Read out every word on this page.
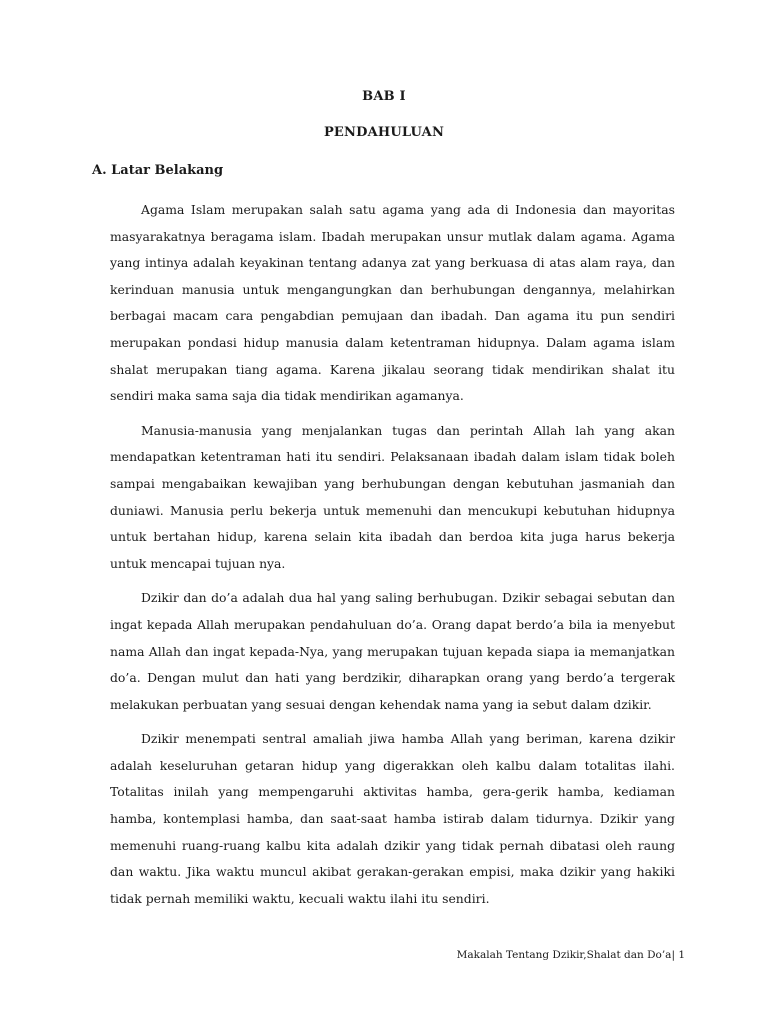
BAB I
PENDAHULUAN
A. Latar Belakang

Agama Islam merupakan salah satu agama yang ada di Indonesia dan mayoritas masyarakatnya beragama islam. Ibadah merupakan unsur mutlak dalam agama. Agama yang intinya adalah keyakinan tentang adanya zat yang berkuasa di atas alam raya, dan kerinduan manusia untuk mengangungkan dan berhubungan dengannya, melahirkan berbagai macam cara pengabdian pemujaan dan ibadah. Dan agama itu pun sendiri merupakan pondasi hidup manusia dalam ketentraman hidupnya. Dalam agama islam shalat merupakan tiang agama. Karena jikalau seorang tidak mendirikan shalat itu sendiri maka sama saja dia tidak mendirikan agamanya.

Manusia-manusia yang menjalankan tugas dan perintah Allah lah yang akan mendapatkan ketentraman hati itu sendiri. Pelaksanaan ibadah dalam islam tidak boleh sampai mengabaikan kewajiban yang berhubungan dengan kebutuhan jasmaniah dan duniawi. Manusia perlu bekerja untuk memenuhi dan mencukupi kebutuhan hidupnya untuk bertahan hidup, karena selain kita ibadah dan berdoa kita juga harus bekerja untuk mencapai tujuan nya.

Dzikir dan do’a adalah dua hal yang saling berhubugan. Dzikir sebagai sebutan dan ingat kepada Allah merupakan pendahuluan do’a. Orang dapat berdo’a bila ia menyebut nama Allah dan ingat kepada-Nya, yang merupakan tujuan kepada siapa ia memanjatkan do’a. Dengan mulut dan hati yang berdzikir, diharapkan orang yang berdo’a tergerak melakukan perbuatan yang sesuai dengan kehendak nama yang ia sebut dalam dzikir.

Dzikir menempati sentral amaliah jiwa hamba Allah yang beriman, karena dzikir adalah keseluruhan getaran hidup yang digerakkan oleh kalbu dalam totalitas ilahi. Totalitas inilah yang mempengaruhi aktivitas hamba, gera-gerik hamba, kediaman hamba, kontemplasi hamba, dan saat-saat hamba istirab dalam tidurnya. Dzikir yang memenuhi ruang-ruang kalbu kita adalah dzikir yang tidak pernah dibatasi oleh raung dan waktu. Jika waktu muncul akibat gerakan-gerakan empisi, maka dzikir yang hakiki tidak pernah memiliki waktu, kecuali waktu ilahi itu sendiri.

Makalah Tentang Dzikir,Shalat dan Do’a| 1
